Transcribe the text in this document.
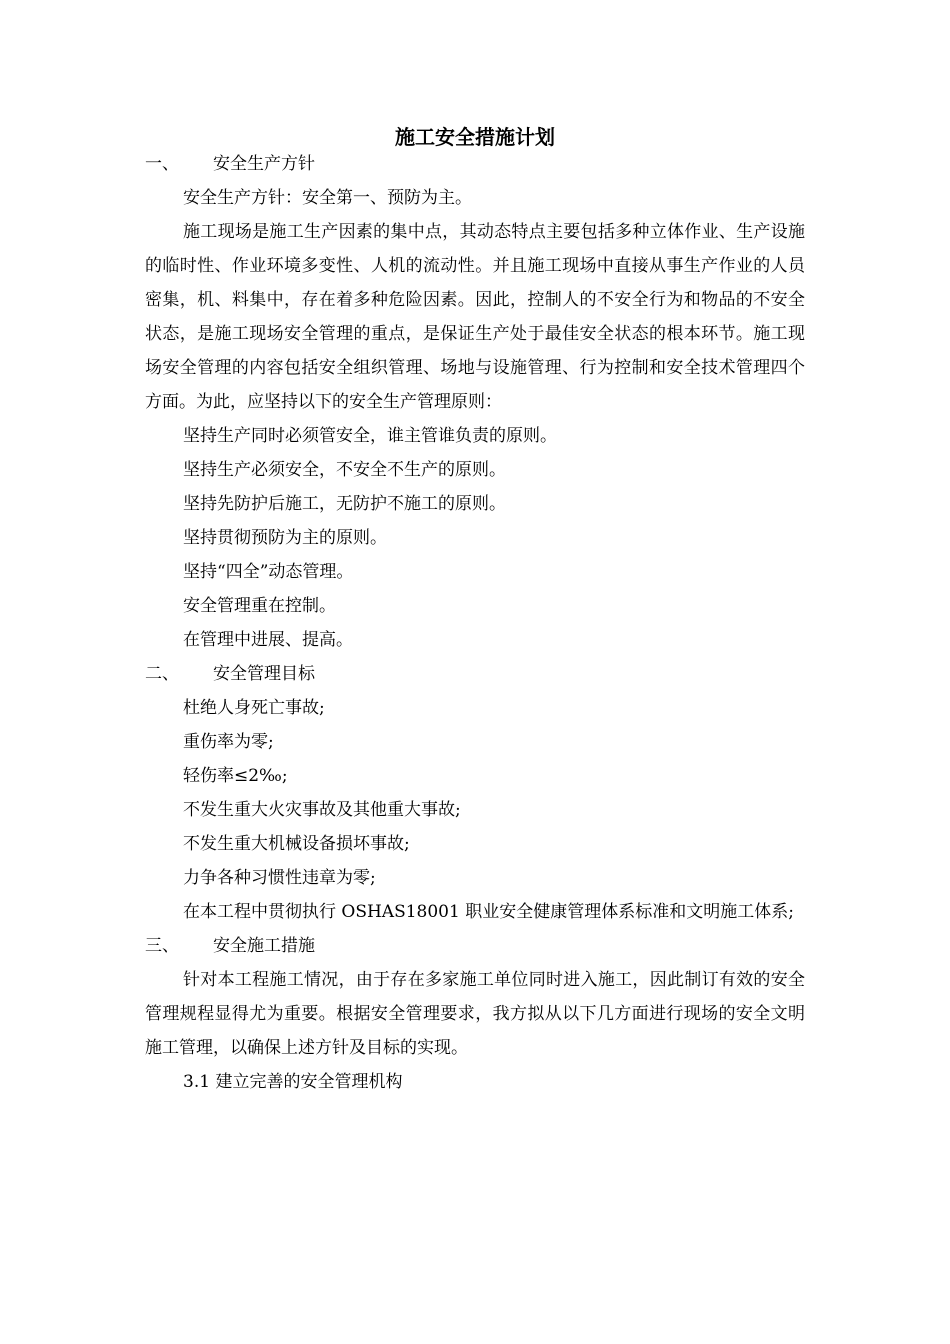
施工安全措施计划
一、	安全生产方针

安全生产方针：安全第一、预防为主。

施工现场是施工生产因素的集中点，其动态特点主要包括多种立体作业、生产设施的临时性、作业环境多变性、人机的流动性。并且施工现场中直接从事生产作业的人员密集，机、料集中，存在着多种危险因素。因此，控制人的不安全行为和物品的不安全状态，是施工现场安全管理的重点，是保证生产处于最佳安全状态的根本环节。施工现场安全管理的内容包括安全组织管理、场地与设施管理、行为控制和安全技术管理四个方面。为此，应坚持以下的安全生产管理原则：

坚持生产同时必须管安全，谁主管谁负责的原则。

坚持生产必须安全，不安全不生产的原则。

坚持先防护后施工，无防护不施工的原则。

坚持贯彻预防为主的原则。

坚持“四全”动态管理。

安全管理重在控制。

在管理中进展、提高。

二、	安全管理目标

杜绝人身死亡事故;

重伤率为零;

轻伤率≤2‰;

不发生重大火灾事故及其他重大事故;

不发生重大机械设备损坏事故;

力争各种习惯性违章为零;

在本工程中贯彻执行 OSHAS18001 职业安全健康管理体系标准和文明施工体系;

三、	安全施工措施

针对本工程施工情况，由于存在多家施工单位同时进入施工，因此制订有效的安全 管理规程显得尤为重要。根据安全管理要求，我方拟从以下几方面进行现场的安全文明施工管理，以确保上述方针及目标的实现。

3.1 建立完善的安全管理机构
